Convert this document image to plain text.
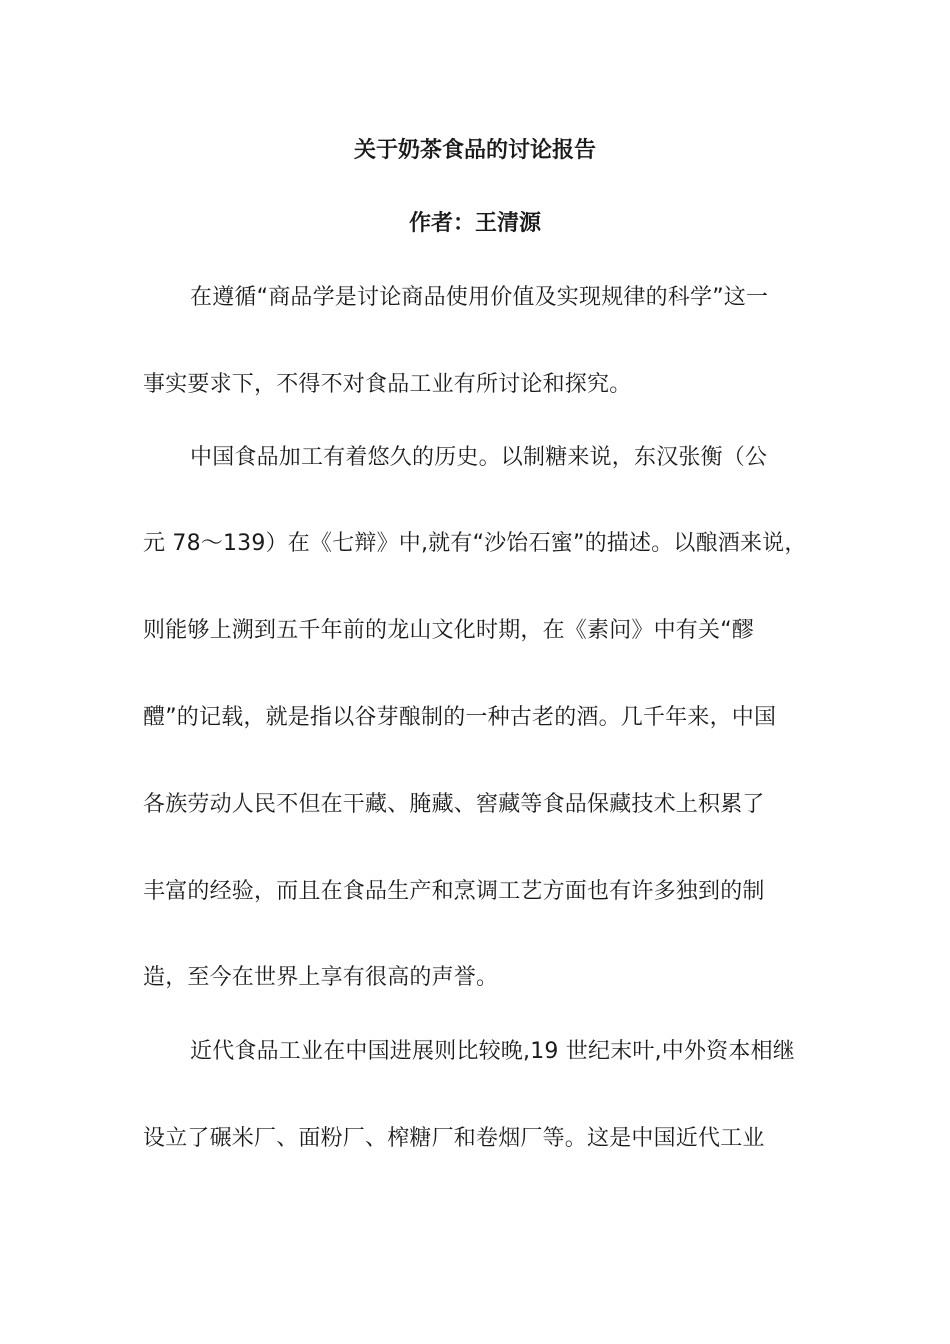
关于奶茶食品的讨论报告
作者：王清源
在遵循“商品学是讨论商品使用价值及实现规律的科学”这一
事实要求下，不得不对食品工业有所讨论和探究。
中国食品加工有着悠久的历史。以制糖来说，东汉张衡（公
元 78～139）在《七辩》中,就有“沙饴石蜜”的描述。以酿酒来说，
则能够上溯到五千年前的龙山文化时期，在《素问》中有关“醪
醴”的记载，就是指以谷芽酿制的一种古老的酒。几千年来，中国
各族劳动人民不但在干藏、腌藏、窖藏等食品保藏技术上积累了
丰富的经验，而且在食品生产和烹调工艺方面也有许多独到的制
造，至今在世界上享有很高的声誉。
近代食品工业在中国进展则比较晚,19 世纪末叶,中外资本相继
设立了碾米厂、面粉厂、榨糖厂和卷烟厂等。这是中国近代工业
